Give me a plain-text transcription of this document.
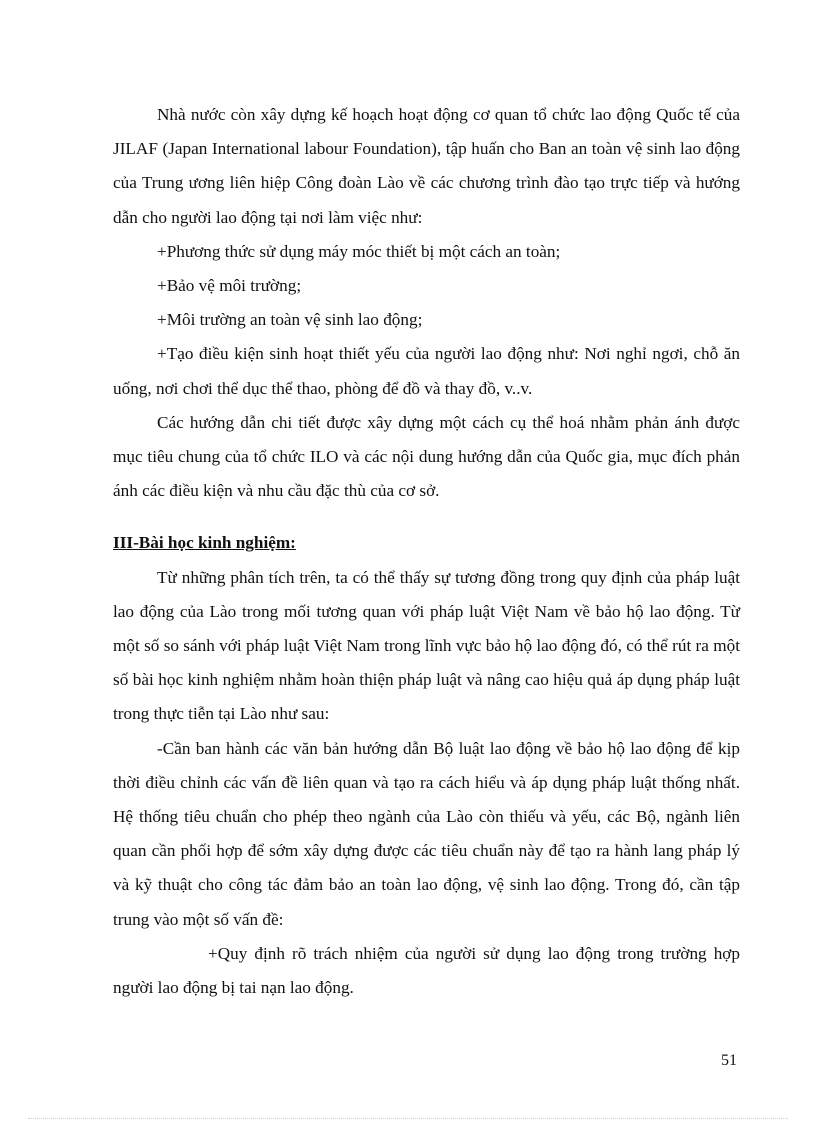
Nhà nước còn xây dựng kế hoạch hoạt động cơ quan tổ chức lao động Quốc tế của JILAF (Japan International labour Foundation), tập huấn cho Ban an toàn vệ sinh lao động của Trung ương liên hiệp Công đoàn Lào về các chương trình đào tạo trực tiếp và hướng dẫn cho người lao động tại nơi làm việc như:

+Phương thức sử dụng máy móc thiết bị một cách an toàn;

+Bảo vệ môi trường;

+Môi trường an toàn vệ sinh lao động;

+Tạo điều kiện sinh hoạt thiết yếu của người lao động như: Nơi nghỉ ngơi, chỗ ăn uống, nơi chơi thể dục thể thao, phòng để đồ và thay đồ, v..v.

Các hướng dẫn chi tiết được xây dựng một cách cụ thể hoá nhằm phản ánh được mục tiêu chung của tổ chức ILO và các nội dung hướng dẫn của Quốc gia, mục đích phản ánh các điều kiện và nhu cầu đặc thù của cơ sở.

III-Bài học kinh nghiệm:

Từ những phân tích trên, ta có thể thấy sự tương đồng trong quy định của pháp luật lao động của Lào trong mối tương quan với pháp luật Việt Nam về bảo hộ lao động. Từ một số so sánh với pháp luật Việt Nam trong lĩnh vực bảo hộ lao động đó, có thể rút ra một số bài học kinh nghiệm nhằm hoàn thiện pháp luật và nâng cao hiệu quả áp dụng pháp luật trong thực tiễn tại Lào như sau:

-Cần ban hành các văn bản hướng dẫn Bộ luật lao động về bảo hộ lao động để kịp thời điều chỉnh các vấn đề liên quan và tạo ra cách hiểu và áp dụng pháp luật thống nhất. Hệ thống tiêu chuẩn cho phép theo ngành của Lào còn thiếu và yếu, các Bộ, ngành liên quan cần phối hợp để sớm xây dựng được các tiêu chuẩn này để tạo ra hành lang pháp lý và kỹ thuật cho công tác đảm bảo an toàn lao động, vệ sinh lao động. Trong đó, cần tập trung vào một số vấn đề:

+Quy định rõ trách nhiệm của người sử dụng lao động trong trường hợp người lao động bị tai nạn lao động.

51
